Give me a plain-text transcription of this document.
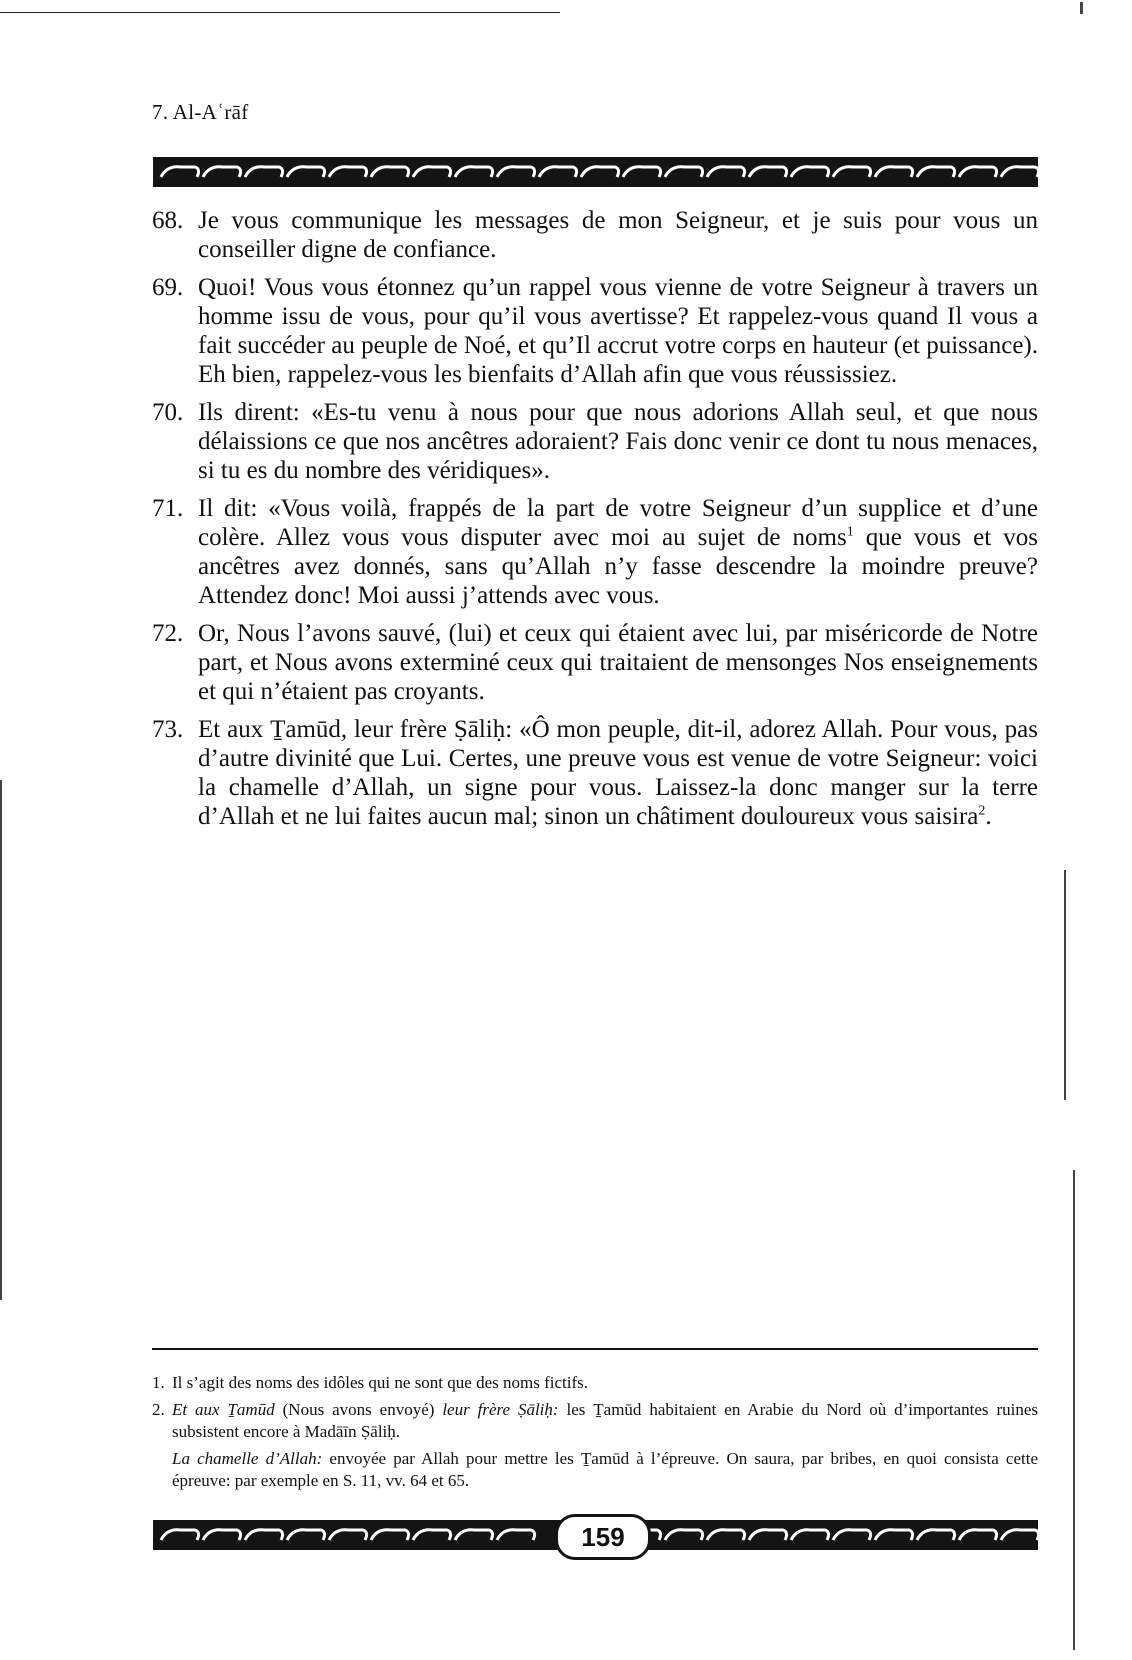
7. Al-Aʿrāf
68. Je vous communique les messages de mon Seigneur, et je suis pour vous un conseiller digne de confiance.
69. Quoi! Vous vous étonnez qu’un rappel vous vienne de votre Seigneur à travers un homme issu de vous, pour qu’il vous avertisse? Et rappelez-vous quand Il vous a fait succéder au peuple de Noé, et qu’Il accrut votre corps en hauteur (et puissance). Eh bien, rappelez-vous les bienfaits d’Allah afin que vous réussissiez.
70. Ils dirent: «Es-tu venu à nous pour que nous adorions Allah seul, et que nous délaissions ce que nos ancêtres adoraient? Fais donc venir ce dont tu nous menaces, si tu es du nombre des véridiques».
71. Il dit: «Vous voilà, frappés de la part de votre Seigneur d’un supplice et d’une colère. Allez vous vous disputer avec moi au sujet de noms$^1$ que vous et vos ancêtres avez donnés, sans qu’Allah n’y fasse descendre la moindre preuve? Attendez donc! Moi aussi j’attends avec vous.
72. Or, Nous l’avons sauvé, (lui) et ceux qui étaient avec lui, par miséricorde de Notre part, et Nous avons exterminé ceux qui traitaient de mensonges Nos enseignements et qui n’étaient pas croyants.
73. Et aux Ṯamūd, leur frère Ṣāliḥ: «Ô mon peuple, dit-il, adorez Allah. Pour vous, pas d’autre divinité que Lui. Certes, une preuve vous est venue de votre Seigneur: voici la chamelle d’Allah, un signe pour vous. Laissez-la donc manger sur la terre d’Allah et ne lui faites aucun mal; sinon un châtiment douloureux vous saisira$^2$.
1. Il s’agit des noms des idôles qui ne sont que des noms fictifs.
2. Et aux Ṯamūd (Nous avons envoyé) leur frère Ṣāliḥ: les Ṯamūd habitaient en Arabie du Nord où d’importantes ruines subsistent encore à Madāīn Ṣāliḥ.
La chamelle d’Allah: envoyée par Allah pour mettre les Ṯamūd à l’épreuve. On saura, par bribes, en quoi consista cette épreuve: par exemple en S. 11, vv. 64 et 65.
159
